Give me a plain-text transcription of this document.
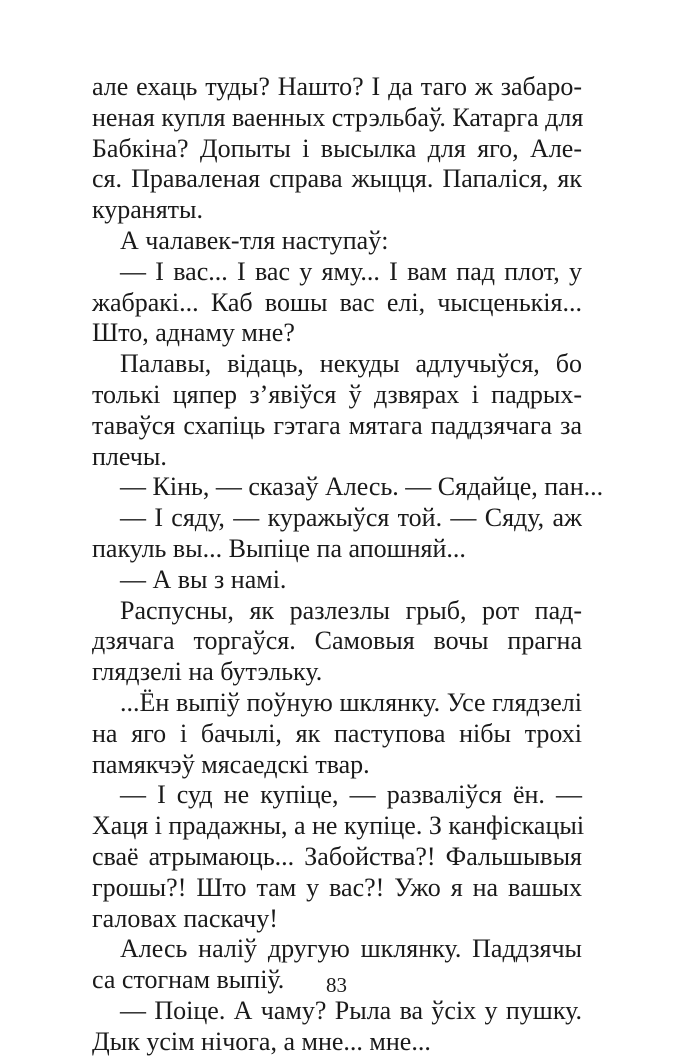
але ехаць туды? Нашто? І да таго ж забаро-
неная купля ваенных стрэльбаў. Катарга для
Бабкіна? Допыты і высылка для яго, Але-
ся. Праваленая справа жыцця. Папаліся, як
кураняты.
А чалавек-тля наступаў:
— І вас... І вас у яму... І вам пад плот, у
жабракі... Каб вошы вас елі, чысценькія...
Што, аднаму мне?
Палавы, відаць, некуды адлучыўся, бо
толькі цяпер з’явіўся ў дзвярах і падрых-
таваўся схапіць гэтага мятага паддзячага за
плечы.
— Кінь, — сказаў Алесь. — Сядайце, пан...
— І сяду, — куражыўся той. — Сяду, аж
пакуль вы... Выпіце па апошняй...
— А вы з намі.
Распусны, як разлезлы грыб, рот пад-
дзячага торгаўся. Самовыя вочы прагна
глядзелі на бутэльку.
...Ён выпіў поўную шклянку. Усе глядзелі
на яго і бачылі, як паступова нібы трохі
памякчэў мясаедскі твар.
— І суд не купіце, — разваліўся ён. —
Хаця і прадажны, а не купіце. З канфіскацыі
сваё атрымаюць... Забойства?! Фальшывыя
грошы?! Што там у вас?! Ужо я на вашых
галовах паскачу!
Алесь наліў другую шклянку. Паддзячы
са стогнам выпіў.
— Поіце. А чаму? Рыла ва ўсіх у пушку.
Дык усім нічога, а мне... мне...
83
